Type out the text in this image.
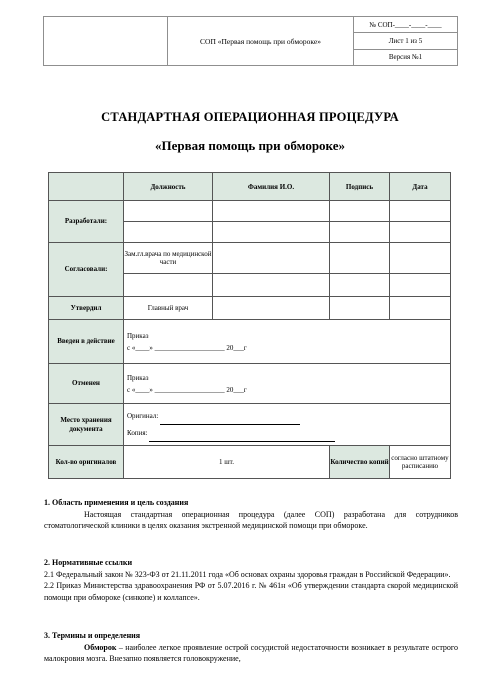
СОП «Первая помощь при обмороке»
№ СОП-____-____-____
Лист 1 из 5
Версия №1
СТАНДАРТНАЯ ОПЕРАЦИОННАЯ ПРОЦЕДУРА
«Первая помощь при обмороке»
	Должность	Фамилия И.О.	Подпись	Дата
Разработали:				

Согласовали:	Зам.гл.врача по медицинской части			

Утвердил	Главный врач			
Введен в действие	Приказ
с «____» ____________________ 20___г			

Отменен	Приказ
с «____» ____________________ 20___г			

Место хранения документа	Оригинал:
Копия:			

Кол-во оригиналов	1 шт.		Количество копий	согласно штатному расписанию

1. Область применения и цель создания

Настоящая стандартная операционная процедура (далее СОП) разработана для сотрудников стоматологической клиники в целях оказания экстренной медицинской помощи при обмороке.

2. Нормативные ссылки

2.1 Федеральный закон № 323-ФЗ от 21.11.2011 года «Об основах охраны здоровья граждан в Российской Федерации».

2.2 Приказ Министерства здравоохранения РФ от 5.07.2016 г. № 461н «Об утверждении стандарта скорой медицинской помощи при обмороке (синкопе) и коллапсе».

3. Термины и определения

Обморок – наиболее легкое проявление острой сосудистой недостаточности возникает в результате острого малокровия мозга. Внезапно появляется головокружение,
